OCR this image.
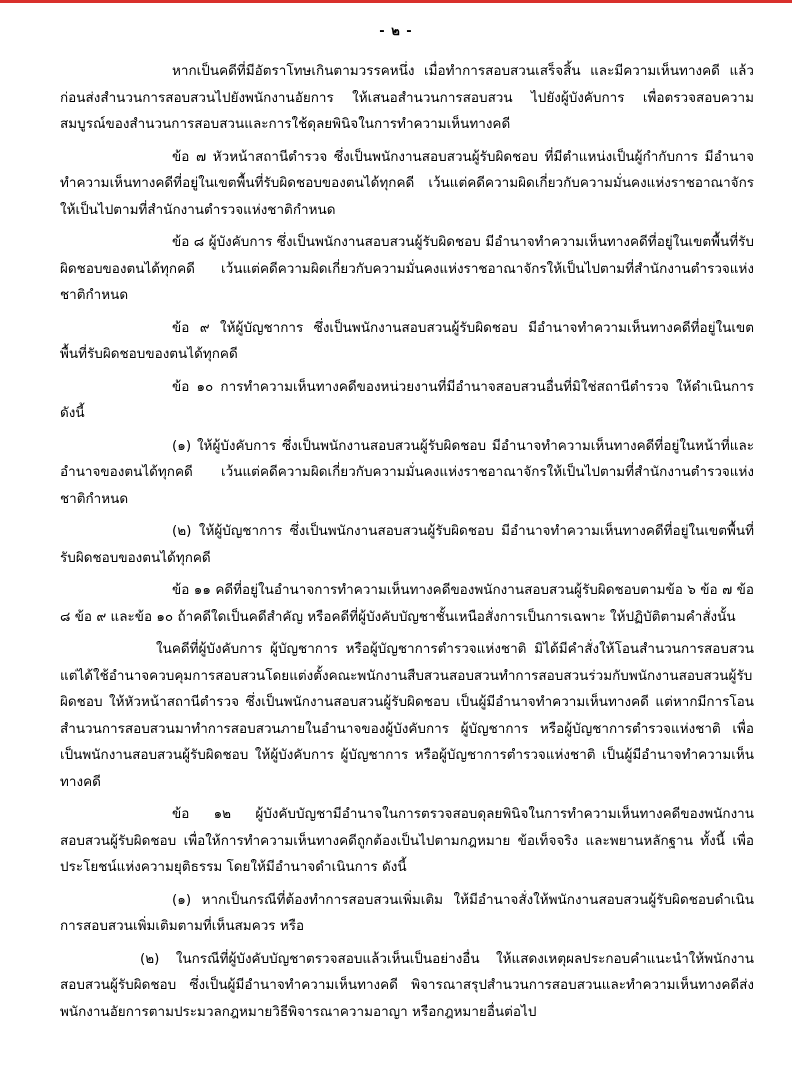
- ๒ -

หากเป็นคดีที่มีอัตราโทษเกินตามวรรคหนึ่ง เมื่อทำการสอบสวนเสร็จสิ้น และมีความเห็นทางคดี แล้ว ก่อนส่งสำนวนการสอบสวนไปยังพนักงานอัยการ ให้เสนอสำนวนการสอบสวน ไปยังผู้บังคับการ เพื่อตรวจสอบความสมบูรณ์ของสำนวนการสอบสวนและการใช้ดุลยพินิจในการทำความเห็นทางคดี

ข้อ ๗ หัวหน้าสถานีตำรวจ ซึ่งเป็นพนักงานสอบสวนผู้รับผิดชอบ ที่มีตำแหน่งเป็นผู้กำกับการ มีอำนาจทำความเห็นทางคดีที่อยู่ในเขตพื้นที่รับผิดชอบของตนได้ทุกคดี เว้นแต่คดีความผิดเกี่ยวกับความมั่นคงแห่งราชอาณาจักร ให้เป็นไปตามที่สำนักงานตำรวจแห่งชาติกำหนด

ข้อ ๘ ผู้บังคับการ ซึ่งเป็นพนักงานสอบสวนผู้รับผิดชอบ มีอำนาจทำความเห็นทางคดีที่อยู่ในเขตพื้นที่รับผิดชอบของตนได้ทุกคดี เว้นแต่คดีความผิดเกี่ยวกับความมั่นคงแห่งราชอาณาจักรให้เป็นไปตามที่สำนักงานตำรวจแห่งชาติกำหนด

ข้อ ๙ ให้ผู้บัญชาการ ซึ่งเป็นพนักงานสอบสวนผู้รับผิดชอบ มีอำนาจทำความเห็นทางคดีที่อยู่ในเขตพื้นที่รับผิดชอบของตนได้ทุกคดี

ข้อ ๑๐ การทำความเห็นทางคดีของหน่วยงานที่มีอำนาจสอบสวนอื่นที่มิใช่สถานีตำรวจ ให้ดำเนินการ ดังนี้

(๑) ให้ผู้บังคับการ ซึ่งเป็นพนักงานสอบสวนผู้รับผิดชอบ มีอำนาจทำความเห็นทางคดีที่อยู่ในหน้าที่และอำนาจของตนได้ทุกคดี เว้นแต่คดีความผิดเกี่ยวกับความมั่นคงแห่งราชอาณาจักรให้เป็นไปตามที่สำนักงานตำรวจแห่งชาติกำหนด

(๒) ให้ผู้บัญชาการ ซึ่งเป็นพนักงานสอบสวนผู้รับผิดชอบ มีอำนาจทำความเห็นทางคดีที่อยู่ในเขตพื้นที่รับผิดชอบของตนได้ทุกคดี

ข้อ ๑๑ คดีที่อยู่ในอำนาจการทำความเห็นทางคดีของพนักงานสอบสวนผู้รับผิดชอบตามข้อ ๖ ข้อ ๗ ข้อ ๘ ข้อ ๙ และข้อ ๑๐ ถ้าคดีใดเป็นคดีสำคัญ หรือคดีที่ผู้บังคับบัญชาชั้นเหนือสั่งการเป็นการเฉพาะ ให้ปฏิบัติตามคำสั่งนั้น

ในคดีที่ผู้บังคับการ ผู้บัญชาการ หรือผู้บัญชาการตำรวจแห่งชาติ มิได้มีคำสั่งให้โอนสำนวนการสอบสวน แต่ได้ใช้อำนาจควบคุมการสอบสวนโดยแต่งตั้งคณะพนักงานสืบสวนสอบสวนทำการสอบสวนร่วมกับพนักงานสอบสวนผู้รับผิดชอบ ให้หัวหน้าสถานีตำรวจ ซึ่งเป็นพนักงานสอบสวนผู้รับผิดชอบ เป็นผู้มีอำนาจทำความเห็นทางคดี แต่หากมีการโอนสำนวนการสอบสวนมาทำการสอบสวนภายในอำนาจของผู้บังคับการ ผู้บัญชาการ หรือผู้บัญชาการตำรวจแห่งชาติ เพื่อเป็นพนักงานสอบสวนผู้รับผิดชอบ ให้ผู้บังคับการ ผู้บัญชาการ หรือผู้บัญชาการตำรวจแห่งชาติ เป็นผู้มีอำนาจทำความเห็นทางคดี

ข้อ ๑๒ ผู้บังคับบัญชามีอำนาจในการตรวจสอบดุลยพินิจในการทำความเห็นทางคดีของพนักงานสอบสวนผู้รับผิดชอบ เพื่อให้การทำความเห็นทางคดีถูกต้องเป็นไปตามกฎหมาย ข้อเท็จจริง และพยานหลักฐาน ทั้งนี้ เพื่อประโยชน์แห่งความยุติธรรม โดยให้มีอำนาจดำเนินการ ดังนี้

(๑) หากเป็นกรณีที่ต้องทำการสอบสวนเพิ่มเติม ให้มีอำนาจสั่งให้พนักงานสอบสวนผู้รับผิดชอบดำเนินการสอบสวนเพิ่มเติมตามที่เห็นสมควร หรือ

(๒) ในกรณีที่ผู้บังคับบัญชาตรวจสอบแล้วเห็นเป็นอย่างอื่น ให้แสดงเหตุผลประกอบคำแนะนำให้พนักงานสอบสวนผู้รับผิดชอบ ซึ่งเป็นผู้มีอำนาจทำความเห็นทางคดี พิจารณาสรุปสำนวนการสอบสวนและทำความเห็นทางคดีส่งพนักงานอัยการตามประมวลกฎหมายวิธีพิจารณาความอาญา หรือกฎหมายอื่นต่อไป
